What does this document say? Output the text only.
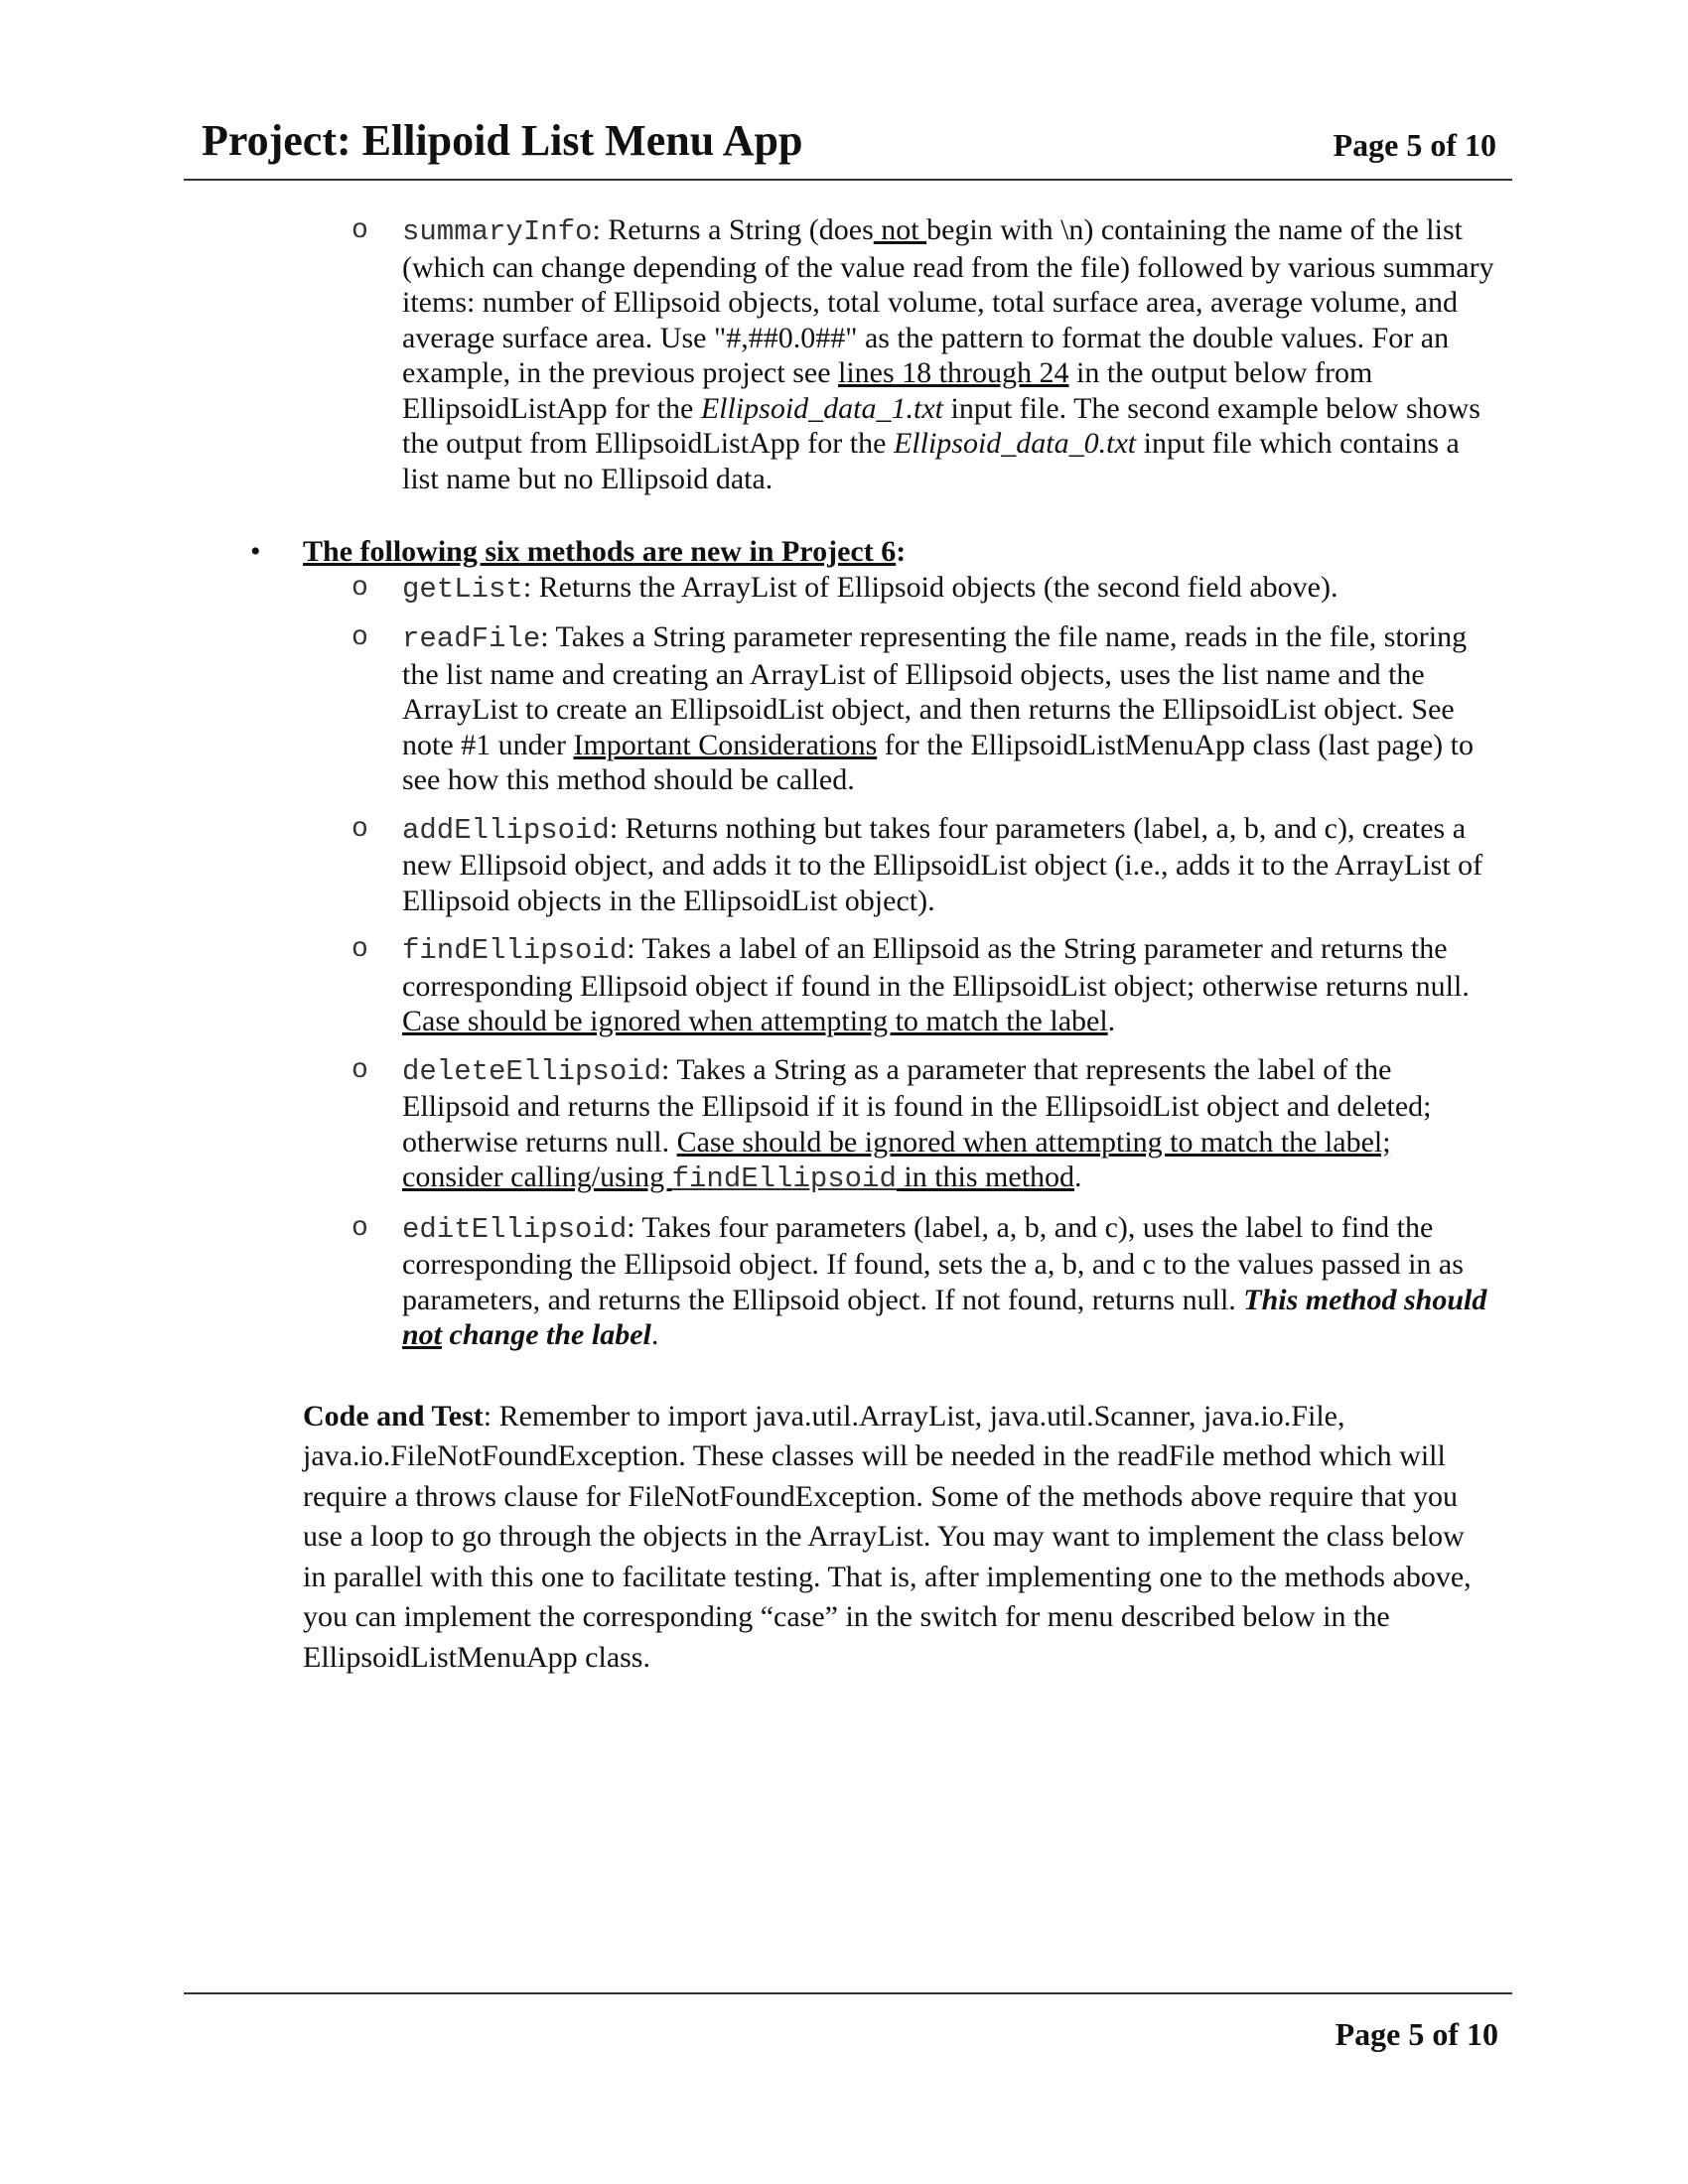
Project: Ellipoid List Menu App	Page 5 of 10
o summaryInfo: Returns a String (does not begin with \n) containing the name of the list (which can change depending of the value read from the file) followed by various summary items: number of Ellipsoid objects, total volume, total surface area, average volume, and average surface area. Use "#,##0.0##" as the pattern to format the double values. For an example, in the previous project see lines 18 through 24 in the output below from EllipsoidListApp for the Ellipsoid_data_1.txt input file. The second example below shows the output from EllipsoidListApp for the Ellipsoid_data_0.txt input file which contains a list name but no Ellipsoid data.
• The following six methods are new in Project 6:
o getList: Returns the ArrayList of Ellipsoid objects (the second field above).
o readFile: Takes a String parameter representing the file name, reads in the file, storing the list name and creating an ArrayList of Ellipsoid objects, uses the list name and the ArrayList to create an EllipsoidList object, and then returns the EllipsoidList object. See note #1 under Important Considerations for the EllipsoidListMenuApp class (last page) to see how this method should be called.
o addEllipsoid: Returns nothing but takes four parameters (label, a, b, and c), creates a new Ellipsoid object, and adds it to the EllipsoidList object (i.e., adds it to the ArrayList of Ellipsoid objects in the EllipsoidList object).
o findEllipsoid: Takes a label of an Ellipsoid as the String parameter and returns the corresponding Ellipsoid object if found in the EllipsoidList object; otherwise returns null. Case should be ignored when attempting to match the label.
o deleteEllipsoid: Takes a String as a parameter that represents the label of the Ellipsoid and returns the Ellipsoid if it is found in the EllipsoidList object and deleted; otherwise returns null. Case should be ignored when attempting to match the label; consider calling/using findEllipsoid in this method.
o editEllipsoid: Takes four parameters (label, a, b, and c), uses the label to find the corresponding the Ellipsoid object. If found, sets the a, b, and c to the values passed in as parameters, and returns the Ellipsoid object. If not found, returns null. This method should not change the label.
Code and Test: Remember to import java.util.ArrayList, java.util.Scanner, java.io.File, java.io.FileNotFoundException. These classes will be needed in the readFile method which will require a throws clause for FileNotFoundException. Some of the methods above require that you use a loop to go through the objects in the ArrayList. You may want to implement the class below in parallel with this one to facilitate testing. That is, after implementing one to the methods above, you can implement the corresponding “case” in the switch for menu described below in the EllipsoidListMenuApp class.
Page 5 of 10
